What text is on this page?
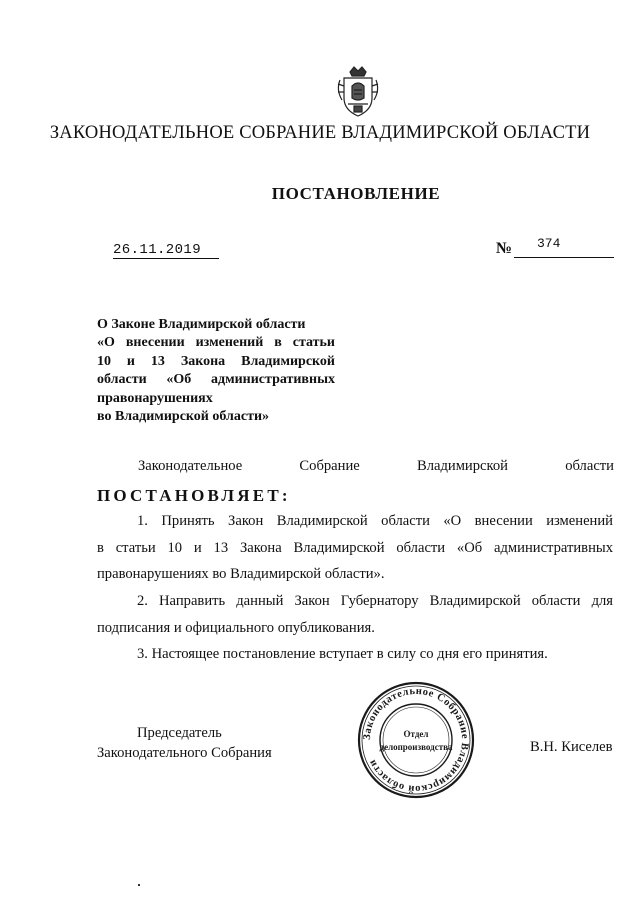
ЗАКОНОДАТЕЛЬНОЕ СОБРАНИЕ ВЛАДИМИРСКОЙ ОБЛАСТИ
ПОСТАНОВЛЕНИЕ
26.11.2019	№ 374
О Законе Владимирской области
«О внесении изменений в статьи
10 и 13 Закона Владимирской
области «Об административных
правонарушениях
во Владимирской области»
Законодательное	Собрание	Владимирской	области
ПОСТАНОВЛЯЕТ:
1. Принять Закон Владимирской области «О внесении изменений
в статьи 10 и 13 Закона Владимирской области «Об административных
правонарушениях во Владимирской области».
2. Направить данный Закон Губернатору Владимирской области для
подписания и официального опубликования.
3. Настоящее постановление вступает в силу со дня его принятия.
Председатель
Законодательного Собрания	В.Н. Киселев
Законодательное Собрание Владимирской области
Отдел
делопроизводства
